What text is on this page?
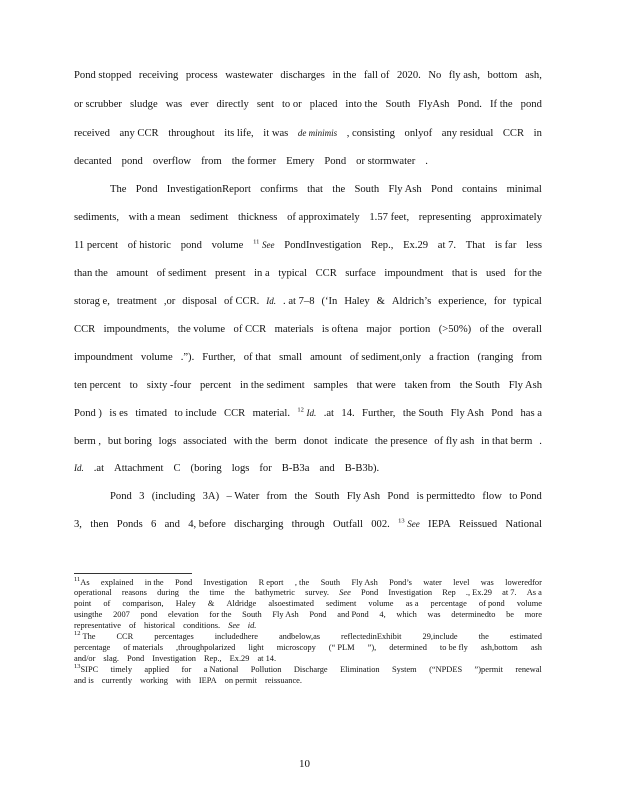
Pond stopped receiving process wastewater discharges in the fall of 2020. No fly ash, bottom ash,
or scrubber sludge was ever directly sent to or placed into the South FlyAsh Pond. If the pond
received any CCR throughout its life, it was de minimis , consisting onlyof any residual CCR in
decanted pond overflow from the former Emery Pond or stormwater .
The Pond InvestigationReport confirms that the South Fly Ash Pond contains minimal
sediments, with a mean sediment thickness of approximately 1.57 feet, representing approximately
11 percent of historic pond volume $^{11}$ See PondInvestigation Rep., Ex.29 at 7. That is far less
than the amount of sediment present in a typical CCR surface impoundment that is used for the
storag e, treatment ,or disposal of CCR. Id. . at 7–8 (‘In Haley & Aldrich’s experience, for typical
CCR impoundments, the volume of CCR materials is oftena major portion (>50%) of the overall
impoundment volume .”). Further, of that small amount of sediment,only a fraction (ranging from
ten percent to sixty -four percent in the sediment samples that were taken from the South Fly Ash
Pond ) is es timated to include CCR material. $^{12}$ Id. .at 14. Further, the South Fly Ash Pond has a
berm , but boring logs associated with the berm donot indicate the presence of fly ash in that berm .
Id. .at Attachment C (boring logs for B-B3a and B-B3b).
Pond 3 (including 3A) – Water from the South Fly Ash Pond is permittedto flow to Pond
3, then Ponds 6 and 4, before discharging through Outfall 002. $^{13}$ See IEPA Reissued National
$^{11}$As explained in the Pond Investigation R eport , the South Fly Ash Pond’s water level was loweredfor
operational reasons during the time the bathymetric survey. See Pond Investigation Rep ., Ex.29 at 7. As a
point of comparison, Haley & Aldridge alsoestimated sediment volume as a percentage of pond volume
usingthe 2007 pond elevation for the South Fly Ash Pond and Pond 4, which was determinedto be more
representative of historical conditions. See id.
$^{12}$ The CCR percentages includedhere andbelow,as reflectedinExhibit 29,include the estimated
percentage of materials ,throughpolarized light microscopy (“ PLM ”), determined to be fly ash,bottom ash
and/or slag. Pond Investigation Rep., Ex.29 at 14.
$^{13}$SIPC timely applied for a National Pollution Discharge Elimination System (“NPDES ”)permit renewal
and is currently working with IEPA on permit reissuance.
10
